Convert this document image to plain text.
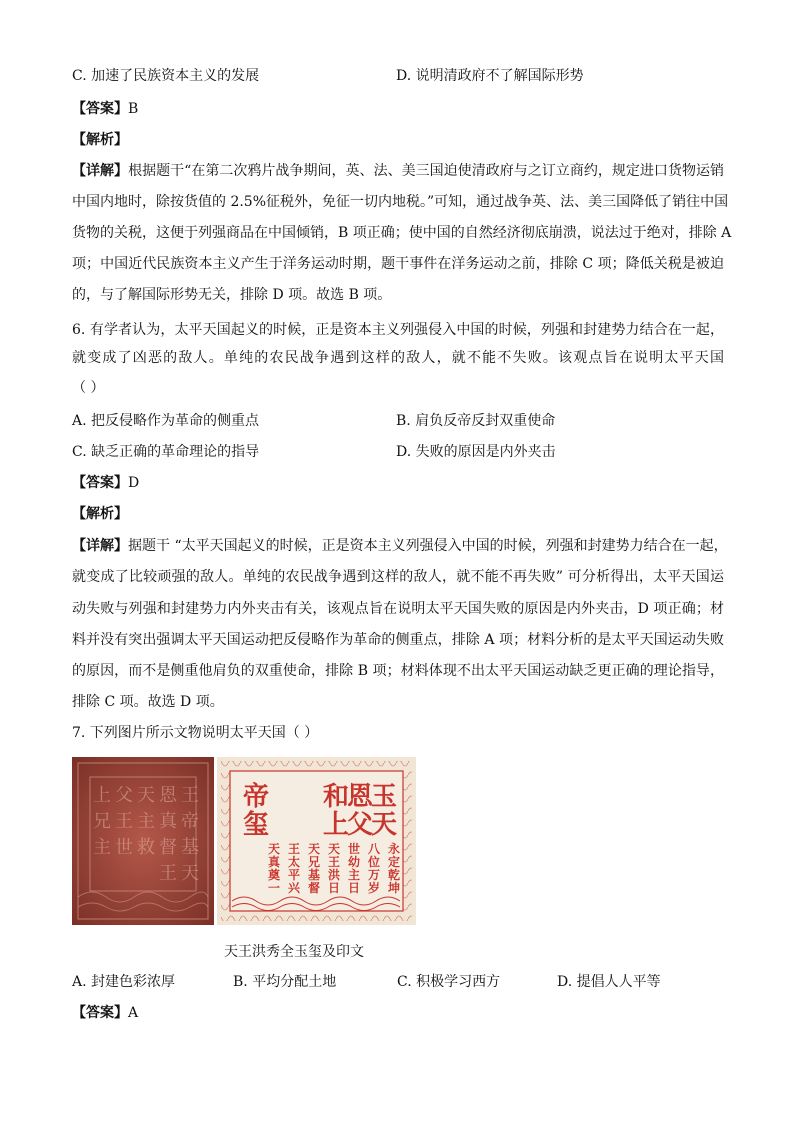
C. 加速了民族资本主义的发展	D. 说明清政府不了解国际形势
【答案】B
【解析】
【详解】根据题干“在第二次鸦片战争期间，英、法、美三国迫使清政府与之订立商约，规定进口货物运销
中国内地时，除按货值的 2.5%征税外，免征一切内地税。”可知，通过战争英、法、美三国降低了销往中国
货物的关税，这便于列强商品在中国倾销，B 项正确；使中国的自然经济彻底崩溃，说法过于绝对，排除 A
项；中国近代民族资本主义产生于洋务运动时期，题干事件在洋务运动之前，排除 C 项；降低关税是被迫
的，与了解国际形势无关，排除 D 项。故选 B 项。
6. 有学者认为，太平天国起义的时候，正是资本主义列强侵入中国的时候，列强和封建势力结合在一起，
就变成了凶恶的敌人。单纯的农民战争遇到这样的敌人，就不能不失败。该观点旨在说明太平天国
（ ）
A. 把反侵略作为革命的侧重点	B. 肩负反帝反封双重使命
C. 缺乏正确的革命理论的指导	D. 失败的原因是内外夹击
【答案】D
【解析】
【详解】据题干 “太平天国起义的时候，正是资本主义列强侵入中国的时候，列强和封建势力结合在一起，
就变成了比较顽强的敌人。单纯的农民战争遇到这样的敌人，就不能不再失败” 可分析得出，太平天国运
动失败与列强和封建势力内外夹击有关，该观点旨在说明太平天国失败的原因是内外夹击，D 项正确；材
料并没有突出强调太平天国运动把反侵略作为革命的侧重点，排除 A 项；材料分析的是太平天国运动失败
的原因，而不是侧重他肩负的双重使命，排除 B 项；材料体现不出太平天国运动缺乏更正确的理论指导，
排除 C 项。故选 D 项。
7. 下列图片所示文物说明太平天国（ ）
王
恩
天
父
上
帝
真
主
王
兄
基
督
救
世
主
天
王
玉
恩
和
天
父
上
帝
玺
永
定
乾
坤
八
位
万
岁
世
幼
主
日
天
王
洪
日
天
兄
基
督
王
太
平
兴
天
真
奠
一
天王洪秀全玉玺及印文
A. 封建色彩浓厚	B. 平均分配土地	C. 积极学习西方	D. 提倡人人平等
【答案】A
